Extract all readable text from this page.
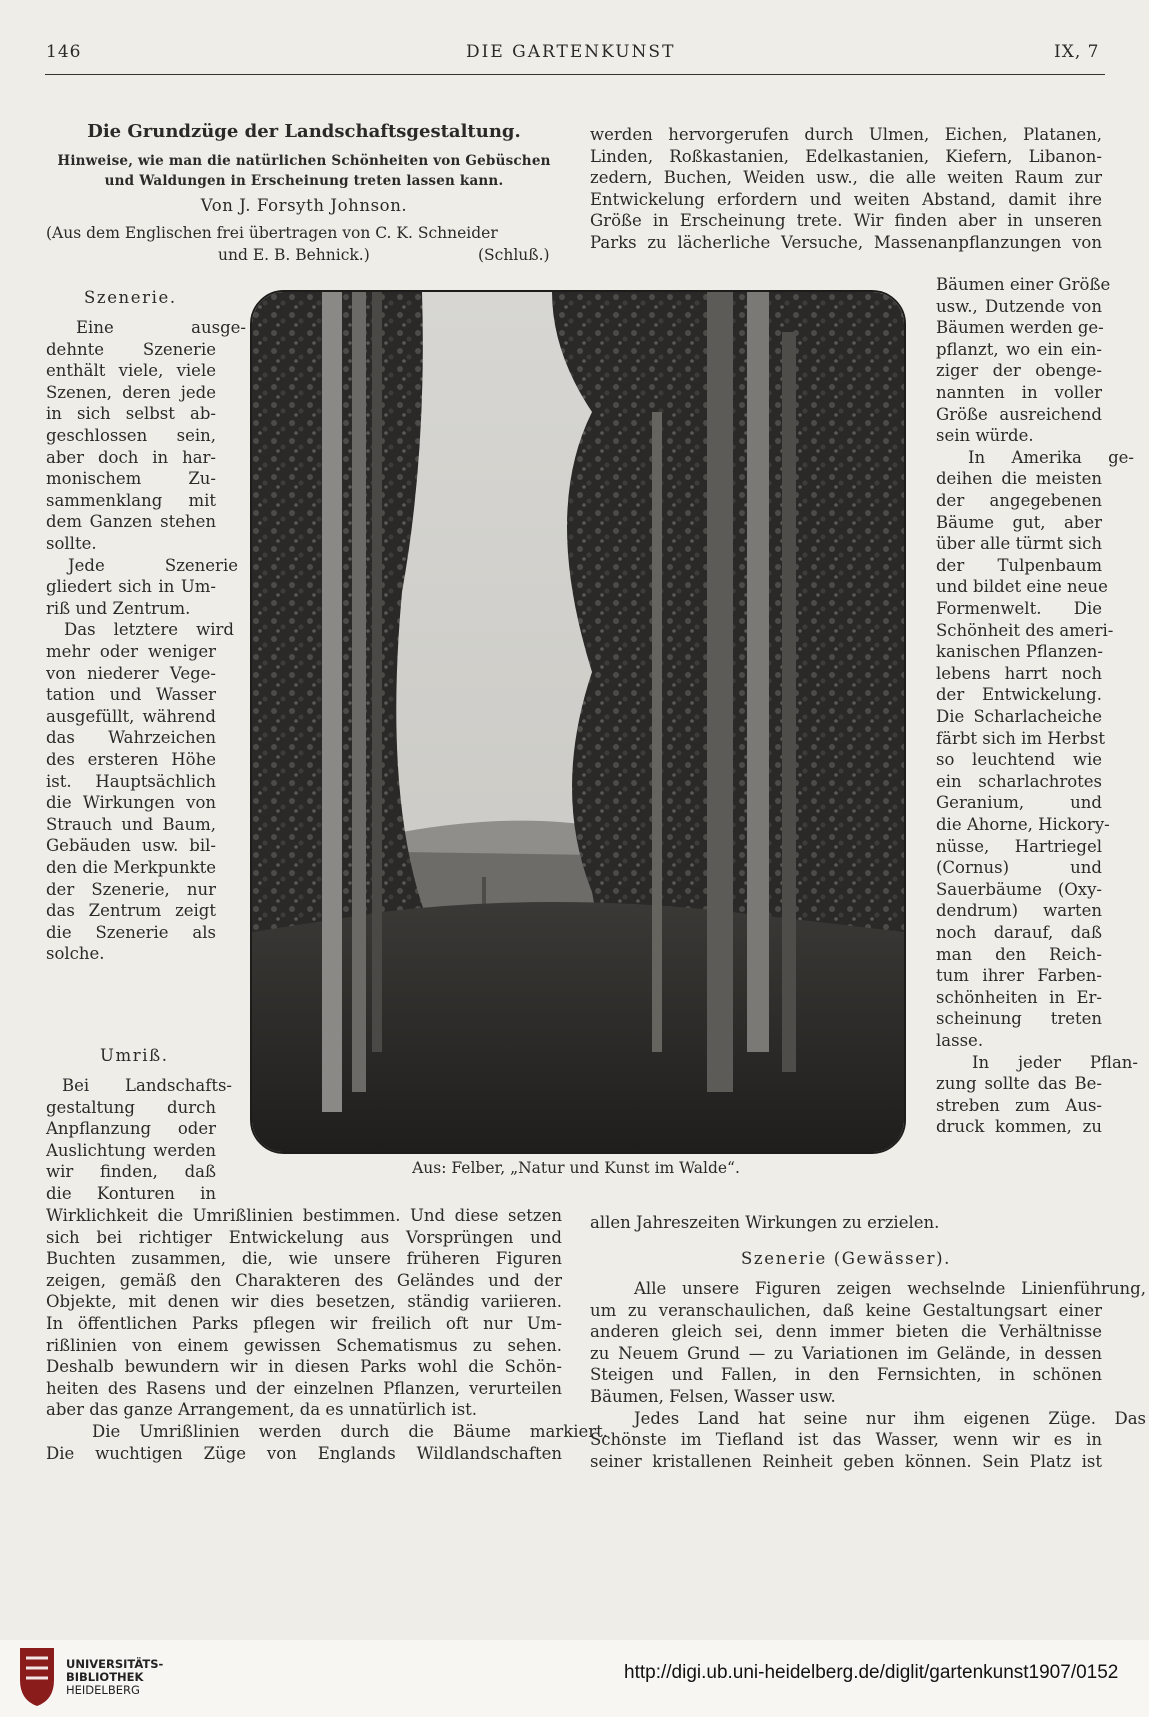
146	DIE GARTENKUNST	IX, 7
Die Grundzüge der Landschaftsgestaltung.
Hinweise, wie man die natürlichen Schönheiten von Gebüschen
und Waldungen in Erscheinung treten lassen kann.
Von J. Forsyth Johnson.
(Aus dem Englischen frei übertragen von C. K. Schneider
und E. B. Behnick.)	(Schluß.)
Szenerie.
Eine ausge-
dehnte Szenerie
enthält viele, viele
Szenen, deren jede
in sich selbst ab-
geschlossen sein,
aber doch in har-
monischem Zu-
sammenklang mit
dem Ganzen stehen
sollte.
Jede Szenerie
gliedert sich in Um-
riß und Zentrum.
Das letztere wird
mehr oder weniger
von niederer Vege-
tation und Wasser
ausgefüllt, während
das Wahrzeichen
des ersteren Höhe
ist. Hauptsächlich
die Wirkungen von
Strauch und Baum,
Gebäuden usw. bil-
den die Merkpunkte
der Szenerie, nur
das Zentrum zeigt
die Szenerie als
solche.
Umriß.
Bei Landschafts-
gestaltung durch
Anpflanzung oder
Auslichtung werden
wir finden, daß
die Konturen in
Wirklichkeit die Umrißlinien bestimmen. Und diese setzen
sich bei richtiger Entwickelung aus Vorsprüngen und
Buchten zusammen, die, wie unsere früheren Figuren
zeigen, gemäß den Charakteren des Geländes und der
Objekte, mit denen wir dies besetzen, ständig variieren.
In öffentlichen Parks pflegen wir freilich oft nur Um-
rißlinien von einem gewissen Schematismus zu sehen.
Deshalb bewundern wir in diesen Parks wohl die Schön-
heiten des Rasens und der einzelnen Pflanzen, verurteilen
aber das ganze Arrangement, da es unnatürlich ist.
Die Umrißlinien werden durch die Bäume markiert.
Die wuchtigen Züge von Englands Wildlandschaften
werden hervorgerufen durch Ulmen, Eichen, Platanen,
Linden, Roßkastanien, Edelkastanien, Kiefern, Libanon-
zedern, Buchen, Weiden usw., die alle weiten Raum zur
Entwickelung erfordern und weiten Abstand, damit ihre
Größe in Erscheinung trete. Wir finden aber in unseren
Parks zu lächerliche Versuche, Massenanpflanzungen von
Bäumen einer Größe
usw., Dutzende von
Bäumen werden ge-
pflanzt, wo ein ein-
ziger der obenge-
nannten in voller
Größe ausreichend
sein würde.
In Amerika ge-
deihen die meisten
der angegebenen
Bäume gut, aber
über alle türmt sich
der Tulpenbaum
und bildet eine neue
Formenwelt. Die
Schönheit des ameri-
kanischen Pflanzen-
lebens harrt noch
der Entwickelung.
Die Scharlacheiche
färbt sich im Herbst
so leuchtend wie
ein scharlachrotes
Geranium, und
die Ahorne, Hickory-
nüsse, Hartriegel
(Cornus) und
Sauerbäume (Oxy-
dendrum) warten
noch darauf, daß
man den Reich-
tum ihrer Farben-
schönheiten in Er-
scheinung treten
lasse.
In jeder Pflan-
zung sollte das Be-
streben zum Aus-
druck kommen, zu
allen Jahreszeiten Wirkungen zu erzielen.
Szenerie (Gewässer).
Alle unsere Figuren zeigen wechselnde Linienführung,
um zu veranschaulichen, daß keine Gestaltungsart einer
anderen gleich sei, denn immer bieten die Verhältnisse
zu Neuem Grund — zu Variationen im Gelände, in dessen
Steigen und Fallen, in den Fernsichten, in schönen
Bäumen, Felsen, Wasser usw.
Jedes Land hat seine nur ihm eigenen Züge. Das
Schönste im Tiefland ist das Wasser, wenn wir es in
seiner kristallenen Reinheit geben können. Sein Platz ist
Aus: Felber, „Natur und Kunst im Walde“.
UNIVERSITÄTS-
BIBLIOTHEK
HEIDELBERG
http://digi.ub.uni-heidelberg.de/diglit/gartenkunst1907/0152
